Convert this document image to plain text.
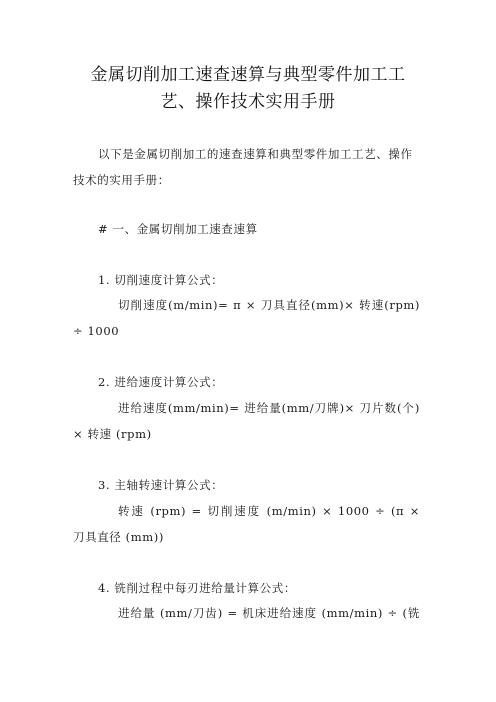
金属切削加工速查速算与典型零件加工工
艺、操作技术实用手册
以下是金属切削加工的速查速算和典型零件加工工艺、操作
技术的实用手册：
# 一、金属切削加工速查速算
1. 切削速度计算公式：
切削速度(m/min)= π × 刀具直径(mm)× 转速(rpm)
÷ 1000
2. 进给速度计算公式：
进给速度(mm/min)= 进给量(mm/刀牌)× 刀片数(个)
× 转速 (rpm)
3. 主轴转速计算公式：
转速 (rpm) = 切削速度 (m/min) × 1000 ÷ (π ×
刀具直径 (mm))
4. 铣削过程中每刃进给量计算公式：
进给量 (mm/刀齿) = 机床进给速度 (mm/min) ÷ (铣
